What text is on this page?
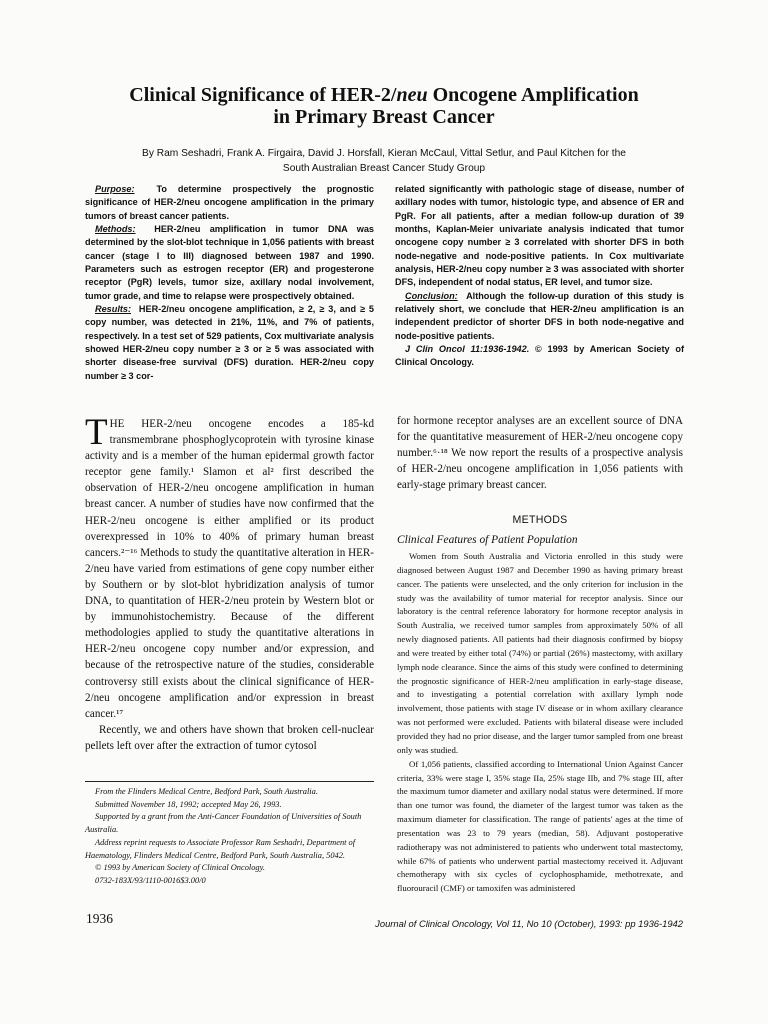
Clinical Significance of HER-2/neu Oncogene Amplification
in Primary Breast Cancer
By Ram Seshadri, Frank A. Firgaira, David J. Horsfall, Kieran McCaul, Vittal Setlur, and Paul Kitchen for the
South Australian Breast Cancer Study Group

Purpose: To determine prospectively the prognostic significance of HER-2/neu oncogene amplification in the primary tumors of breast cancer patients.

Methods: HER-2/neu amplification in tumor DNA was determined by the slot-blot technique in 1,056 patients with breast cancer (stage I to III) diagnosed between 1987 and 1990. Parameters such as estrogen receptor (ER) and progesterone receptor (PgR) levels, tumor size, axillary nodal involvement, tumor grade, and time to relapse were prospectively obtained.

Results: HER-2/neu oncogene amplification, ≥ 2, ≥ 3, and ≥ 5 copy number, was detected in 21%, 11%, and 7% of patients, respectively. In a test set of 529 patients, Cox multivariate analysis showed HER-2/neu copy number ≥ 3 or ≥ 5 was associated with shorter disease-free survival (DFS) duration. HER-2/neu copy number ≥ 3 cor-

related significantly with pathologic stage of disease, number of axillary nodes with tumor, histologic type, and absence of ER and PgR. For all patients, after a median follow-up duration of 39 months, Kaplan-Meier univariate analysis indicated that tumor oncogene copy number ≥ 3 correlated with shorter DFS in both node-negative and node-positive patients. In Cox multivariate analysis, HER-2/neu copy number ≥ 3 was associated with shorter DFS, independent of nodal status, ER level, and tumor size.

Conclusion: Although the follow-up duration of this study is relatively short, we conclude that HER-2/neu amplification is an independent predictor of shorter DFS in both node-negative and node-positive patients.

J Clin Oncol 11:1936-1942. © 1993 by American Society of Clinical Oncology.

THE HER-2/neu oncogene encodes a 185-kd transmembrane phosphoglycoprotein with tyrosine kinase activity and is a member of the human epidermal growth factor receptor gene family.¹ Slamon et al² first described the observation of HER-2/neu oncogene amplification in human breast cancer. A number of studies have now confirmed that the HER-2/neu oncogene is either amplified or its product overexpressed in 10% to 40% of primary human breast cancers.²⁻¹⁶ Methods to study the quantitative alteration in HER-2/neu have varied from estimations of gene copy number either by Southern or by slot-blot hybridization analysis of tumor DNA, to quantitation of HER-2/neu protein by Western blot or by immunohistochemistry. Because of the different methodologies applied to study the quantitative alterations in HER-2/neu oncogene copy number and/or expression, and because of the retrospective nature of the studies, considerable controversy still exists about the clinical significance of HER-2/neu oncogene amplification and/or expression in breast cancer.¹⁷

Recently, we and others have shown that broken cell-nuclear pellets left over after the extraction of tumor cytosol

for hormone receptor analyses are an excellent source of DNA for the quantitative measurement of HER-2/neu oncogene copy number.⁶·¹⁸ We now report the results of a prospective analysis of HER-2/neu oncogene amplification in 1,056 patients with early-stage primary breast cancer.

METHODS
Clinical Features of Patient Population

Women from South Australia and Victoria enrolled in this study were diagnosed between August 1987 and December 1990 as having primary breast cancer. The patients were unselected, and the only criterion for inclusion in the study was the availability of tumor material for receptor analysis. Since our laboratory is the central reference laboratory for hormone receptor analysis in South Australia, we received tumor samples from approximately 50% of all newly diagnosed patients. All patients had their diagnosis confirmed by biopsy and were treated by either total (74%) or partial (26%) mastectomy, with axillary lymph node clearance. Since the aims of this study were confined to determining the prognostic significance of HER-2/neu amplification in early-stage disease, and to investigating a potential correlation with axillary lymph node involvement, those patients with stage IV disease or in whom axillary clearance was not performed were excluded. Patients with bilateral disease were included provided they had no prior disease, and the larger tumor sampled from one breast only was studied.

Of 1,056 patients, classified according to International Union Against Cancer criteria, 33% were stage I, 35% stage IIa, 25% stage IIb, and 7% stage III, after the maximum tumor diameter and axillary nodal status were determined. If more than one tumor was found, the diameter of the largest tumor was taken as the maximum diameter for classification. The range of patients' ages at the time of presentation was 23 to 79 years (median, 58). Adjuvant postoperative radiotherapy was not administered to patients who underwent total mastectomy, while 67% of patients who underwent partial mastectomy received it. Adjuvant chemotherapy with six cycles of cyclophosphamide, methotrexate, and fluorouracil (CMF) or tamoxifen was administered

From the Flinders Medical Centre, Bedford Park, South Australia.

Submitted November 18, 1992; accepted May 26, 1993.

Supported by a grant from the Anti-Cancer Foundation of Universities of South Australia.

Address reprint requests to Associate Professor Ram Seshadri, Department of Haematology, Flinders Medical Centre, Bedford Park, South Australia, 5042.

© 1993 by American Society of Clinical Oncology.

0732-183X/93/1110-0016$3.00/0

1936	Journal of Clinical Oncology, Vol 11, No 10 (October), 1993: pp 1936-1942
